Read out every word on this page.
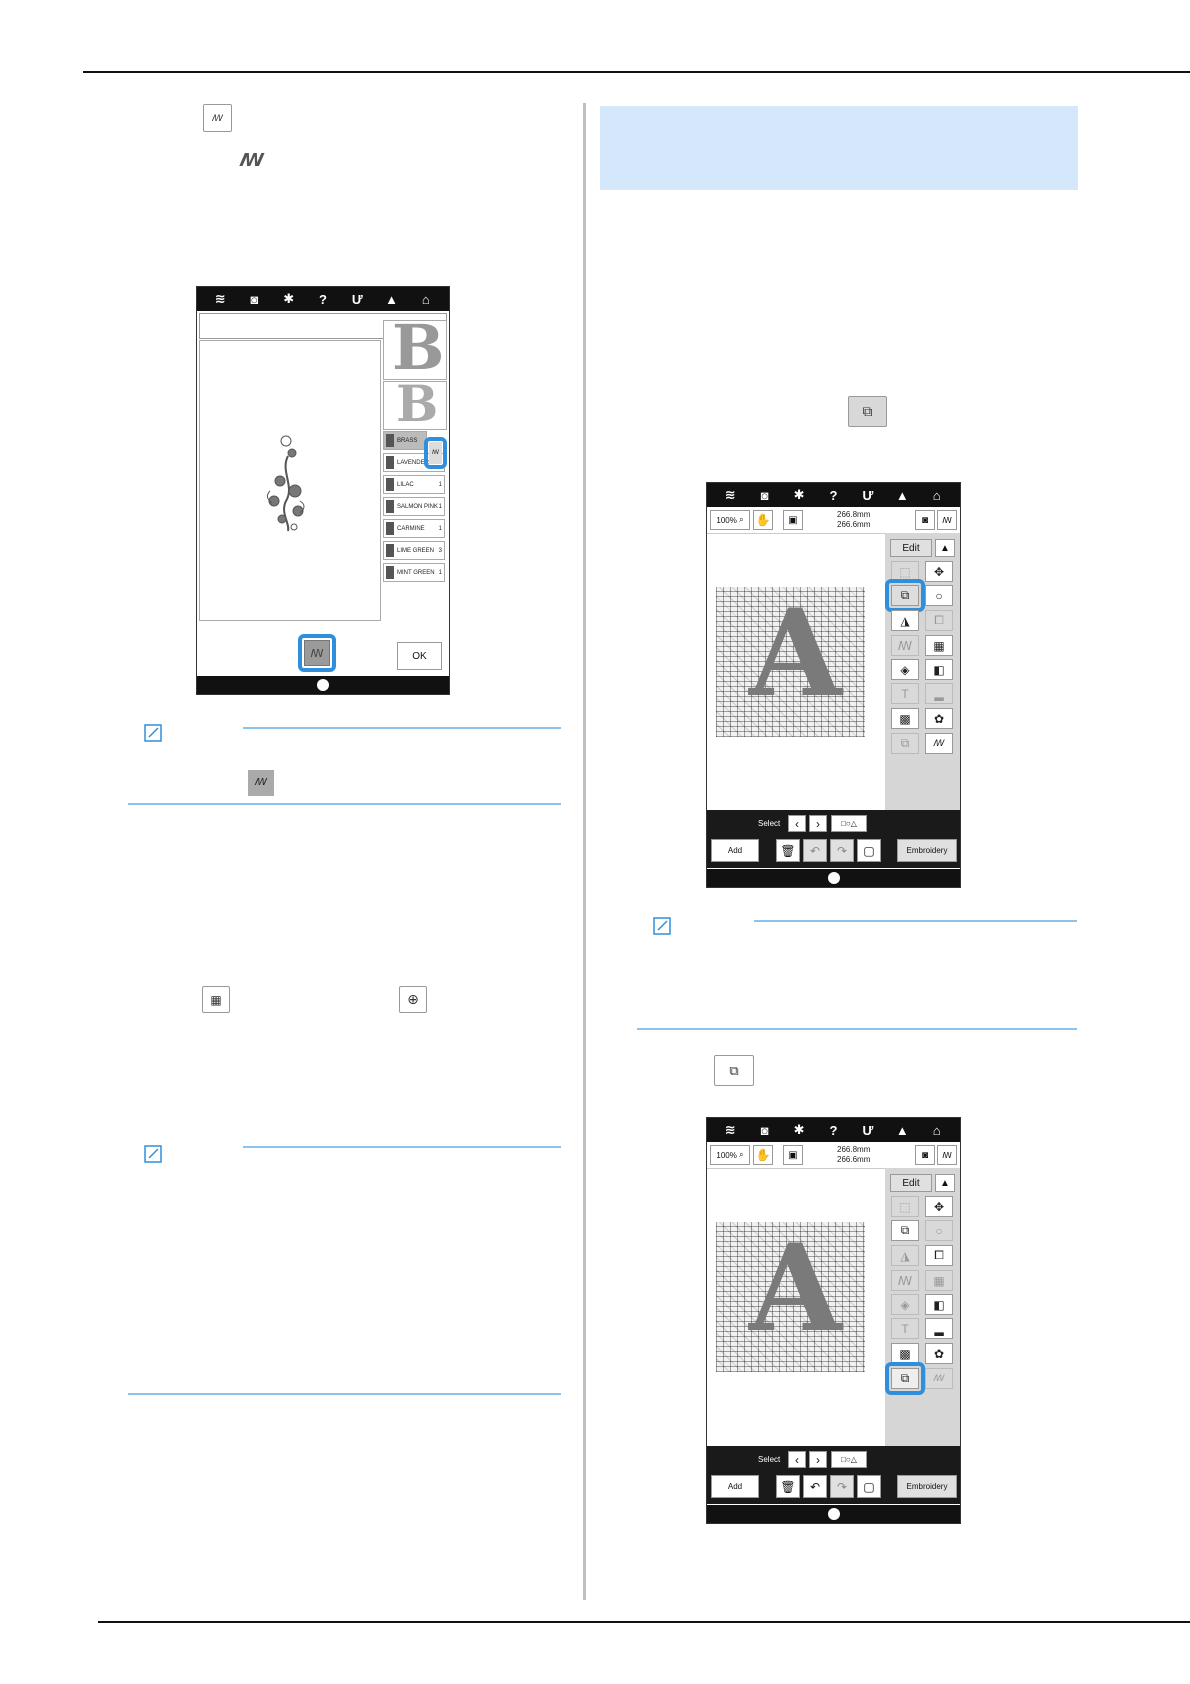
ꟿ
ꟿ
≋	◙	✱	?	Ư	▲	⌂
B
B
BRASS
LAVENDER
LILAC	1
SALMON PINK 1
CARMINE 1
LIME GREEN 3
MINT GREEN 1
ꟿ
ꟿ	OK
ꟿ
▦	⊕
⧉
≋	◙	✱	?	Ư	▲	⌂
100 %
⌕ ✋	▣	266.8mm
266.6mm	◙	ꟿ
A
Edit	▲
⬚	✥
⧉	○
◮	⧠
ꟿ	▦
◈	◧
T	▂
▩	✿
⧉	ꟿ
Select	‹	›	□○△
Add	🗑	↶	↷	▢	Embroidery
⧉
≋	◙	✱	?	Ư	▲	⌂
100 %
⌕ ✋	▣	266.8mm
266.6mm	◙	ꟿ
A
Edit	▲
⬚	✥
⧉	○
◮	⧠
ꟿ	▦
◈	◧
T	▂
▩	✿
⧉	ꟿ
Select	‹	›	□○△
Add	🗑	↶	↷	▢	Embroidery
